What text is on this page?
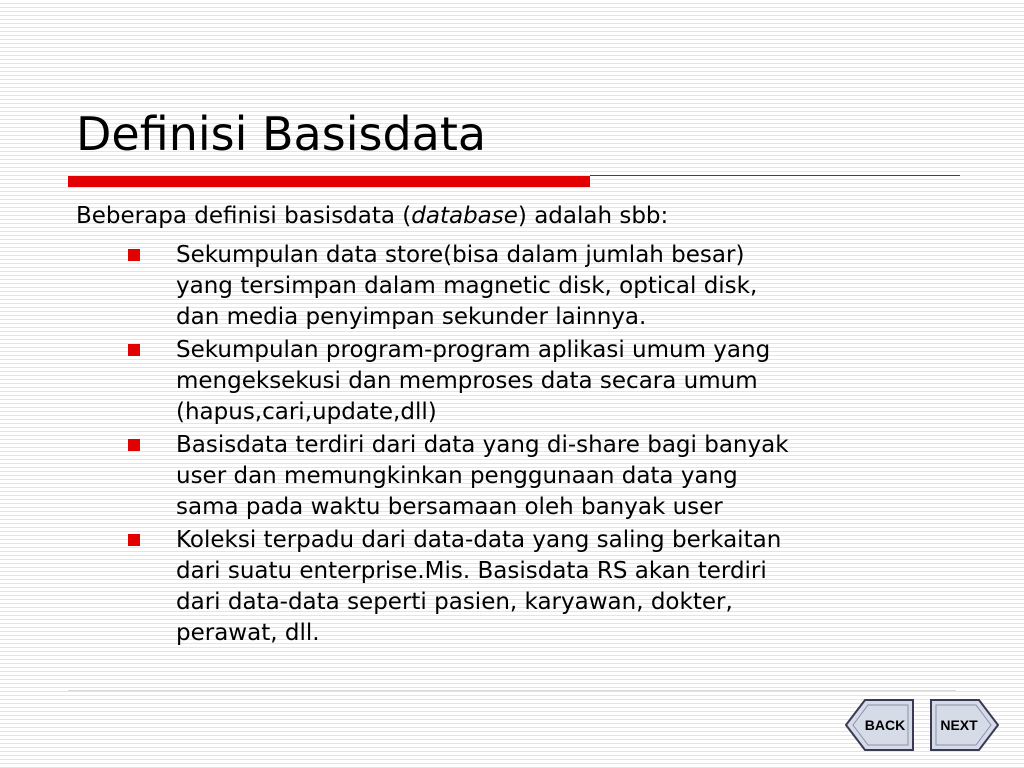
Definisi Basisdata
Beberapa definisi basisdata (database) adalah sbb:
Sekumpulan data store(bisa dalam jumlah besar)
yang tersimpan dalam magnetic disk, optical disk,
dan media penyimpan sekunder lainnya.
Sekumpulan program-program aplikasi umum yang
mengeksekusi dan memproses data secara umum
(hapus,cari,update,dll)
Basisdata terdiri dari data yang di-share bagi banyak
user dan memungkinkan penggunaan data yang
sama pada waktu bersamaan oleh banyak user
Koleksi terpadu dari data-data yang saling berkaitan
dari suatu enterprise.Mis. Basisdata RS akan terdiri
dari data-data seperti pasien, karyawan, dokter,
perawat, dll.
BACK	NEXT
